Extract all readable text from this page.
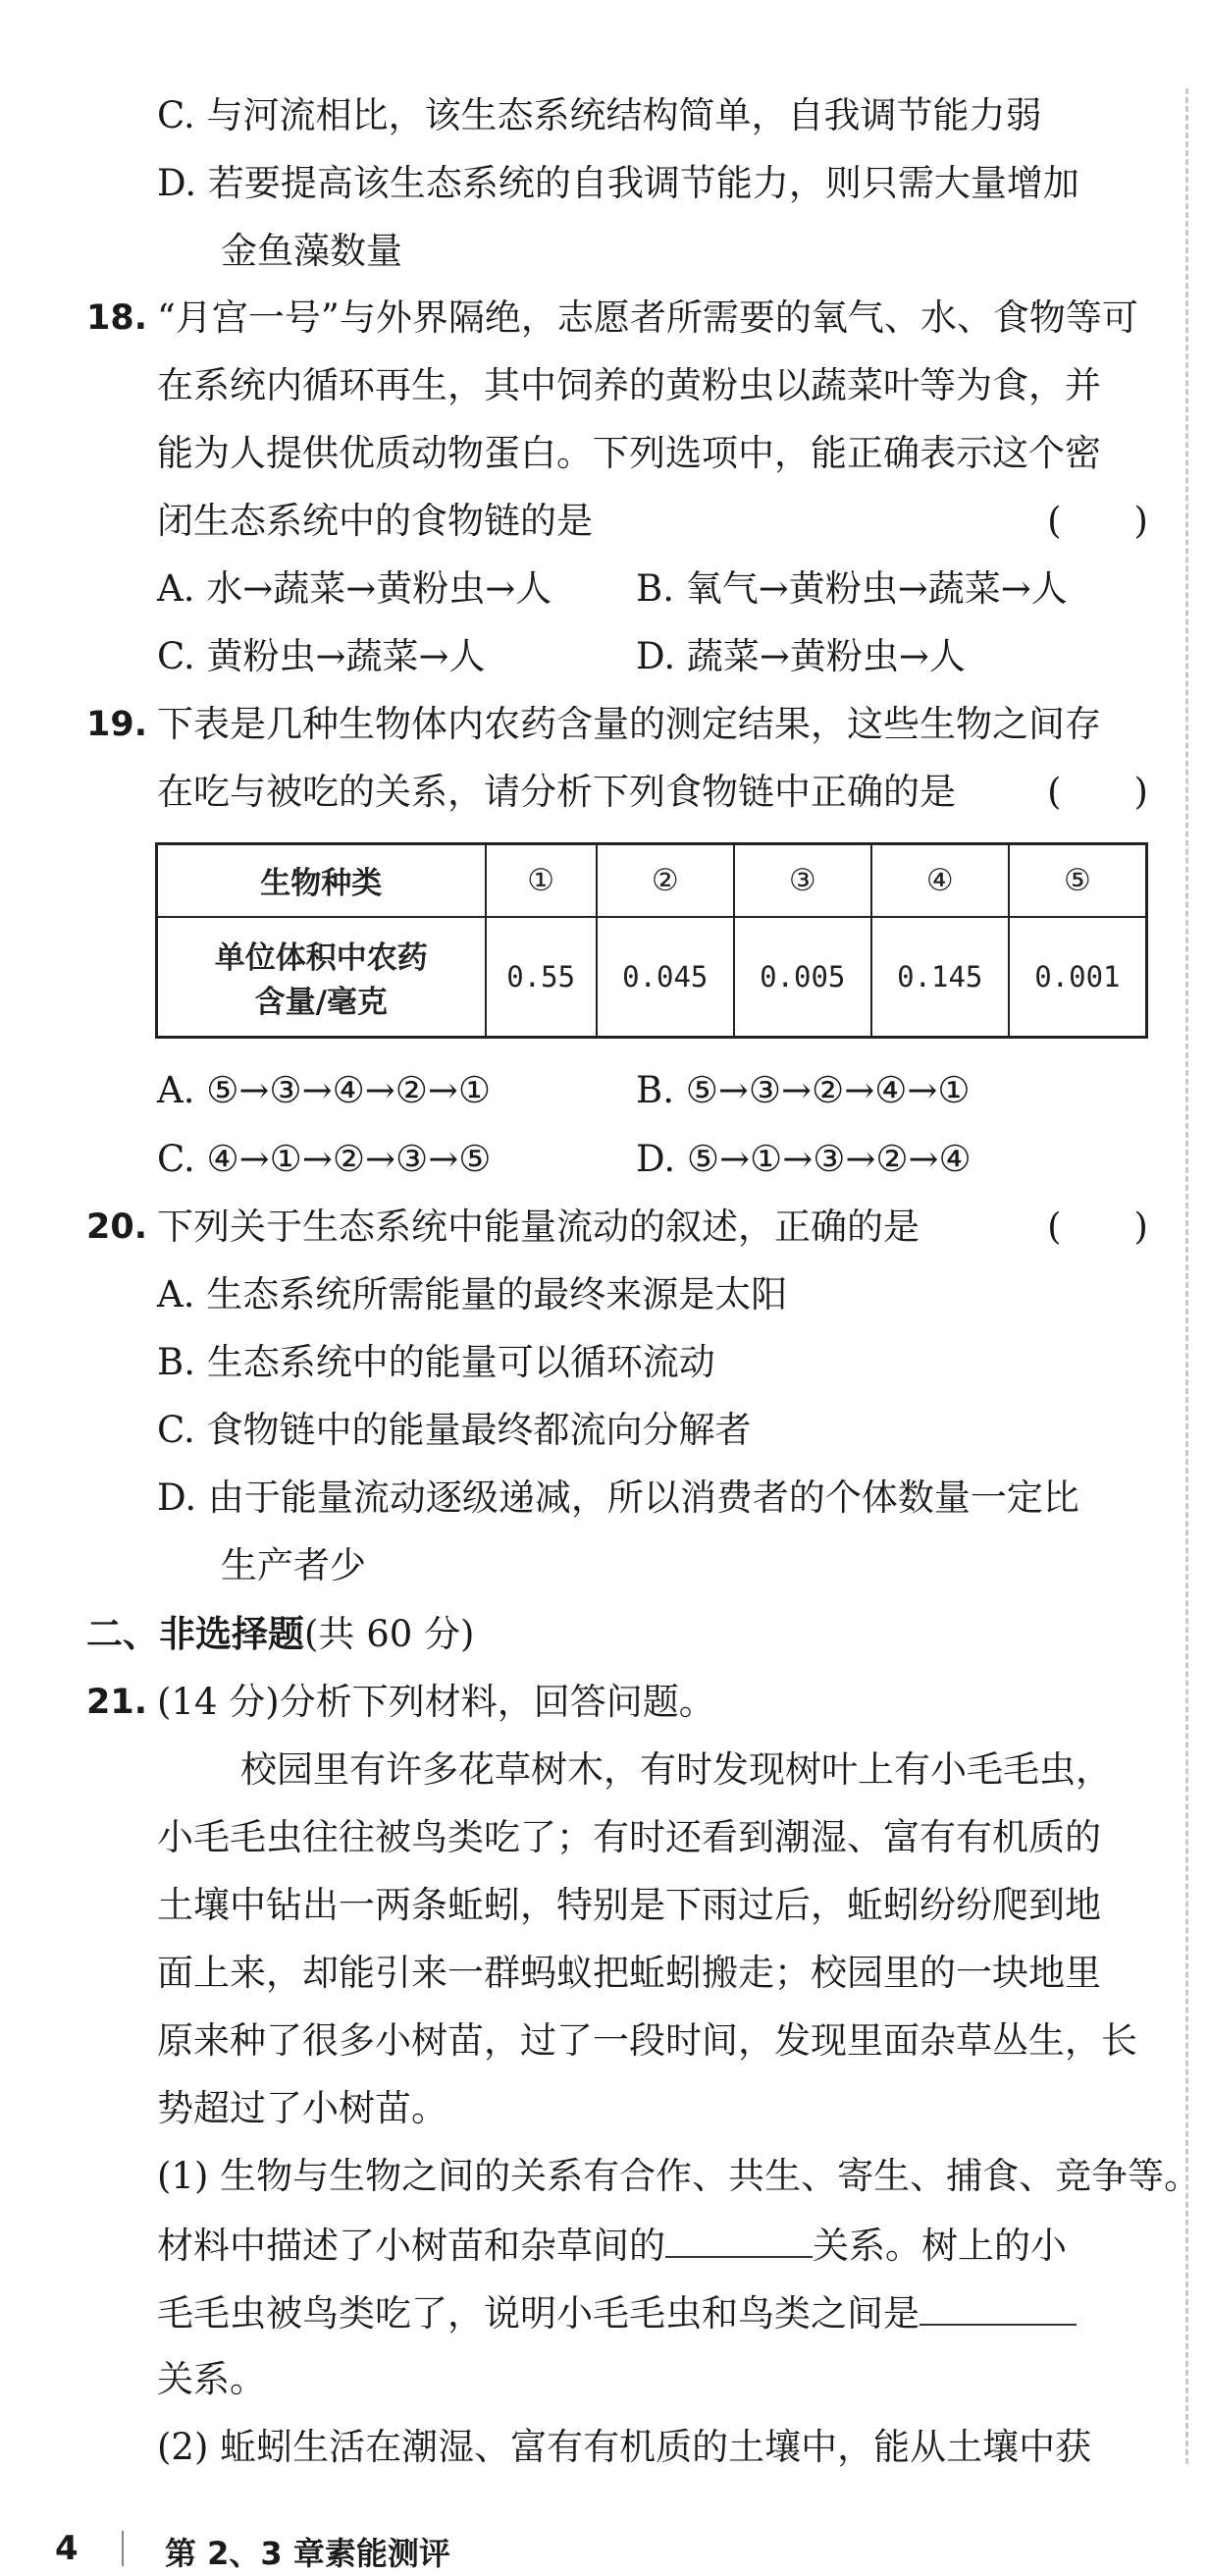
C. 与河流相比，该生态系统结构简单，自我调节能力弱
D. 若要提高该生态系统的自我调节能力，则只需大量增加
金鱼藻数量
18. “月宫一号”与外界隔绝，志愿者所需要的氧气、水、食物等可
在系统内循环再生，其中饲养的黄粉虫以蔬菜叶等为食，并
能为人提供优质动物蛋白。下列选项中，能正确表示这个密
闭生态系统中的食物链的是	(　　)
A. 水→蔬菜→黄粉虫→人 B. 氧气→黄粉虫→蔬菜→人
C. 黄粉虫→蔬菜→人	D. 蔬菜→黄粉虫→人
19. 下表是几种生物体内农药含量的测定结果，这些生物之间存
在吃与被吃的关系，请分析下列食物链中正确的是	(　　)
生物种类	①	②	③	④	⑤

单位体积中农药
含量/毫克	0.55	0.045	0.005	0.145	0.001
A. ⑤→③→④→②→①	B. ⑤→③→②→④→①
C. ④→①→②→③→⑤	D. ⑤→①→③→②→④
20. 下列关于生态系统中能量流动的叙述，正确的是	(　　)
A. 生态系统所需能量的最终来源是太阳
B. 生态系统中的能量可以循环流动
C. 食物链中的能量最终都流向分解者
D. 由于能量流动逐级递减，所以消费者的个体数量一定比
生产者少
二、非选择题(共 60 分)
21. (14 分)分析下列材料，回答问题。
校园里有许多花草树木，有时发现树叶上有小毛毛虫，
小毛毛虫往往被鸟类吃了；有时还看到潮湿、富有有机质的
土壤中钻出一两条蚯蚓，特别是下雨过后，蚯蚓纷纷爬到地
面上来，却能引来一群蚂蚁把蚯蚓搬走；校园里的一块地里
原来种了很多小树苗，过了一段时间，发现里面杂草丛生，长
势超过了小树苗。
(1) 生物与生物之间的关系有合作、共生、寄生、捕食、竞争等。
材料中描述了小树苗和杂草间的	关系。树上的小
毛毛虫被鸟类吃了，说明小毛毛虫和鸟类之间是
关系。
(2) 蚯蚓生活在潮湿、富有有机质的土壤中，能从土壤中获
4	第 2、3 章素能测评
